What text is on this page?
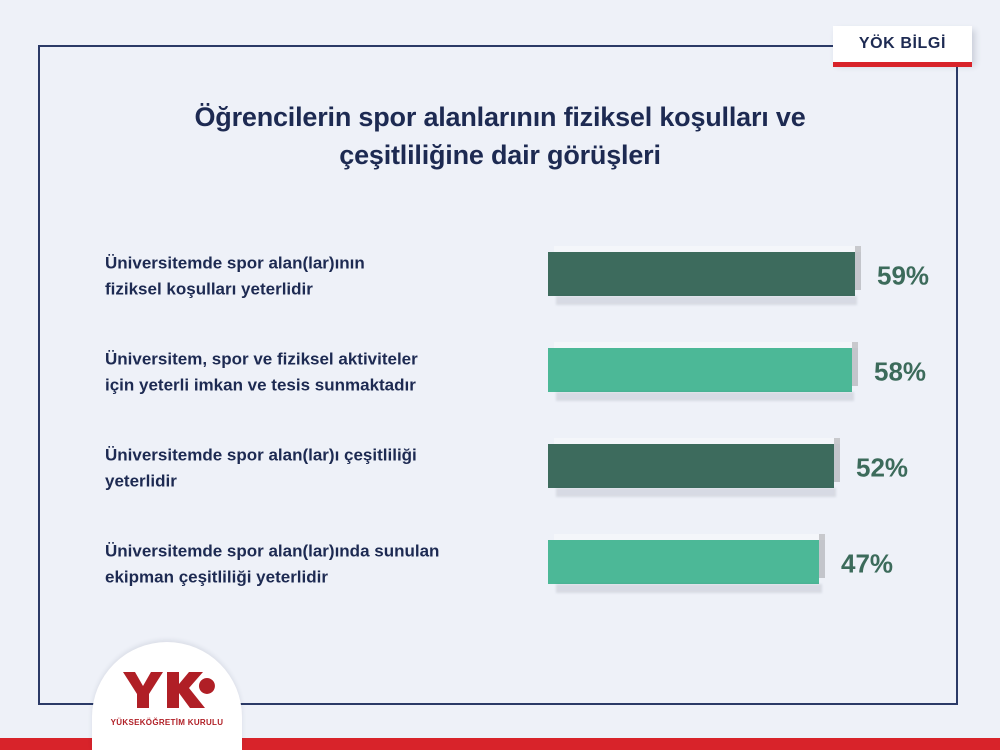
YÖK BİLGİ
Öğrencilerin spor alanlarının fiziksel koşulları ve
çeşitliliğine dair görüşleri
Üniversitemde spor alan(lar)ının
fiziksel koşulları yeterlidir	59%
Üniversitem, spor ve fiziksel aktiviteler
için yeterli imkan ve tesis sunmaktadır	58%
Üniversitemde spor alan(lar)ı çeşitliliği
yeterlidir	52%
Üniversitemde spor alan(lar)ında sunulan
ekipman çeşitliliği yeterlidir	47%
YÜKSEKÖĞRETİM KURULU
